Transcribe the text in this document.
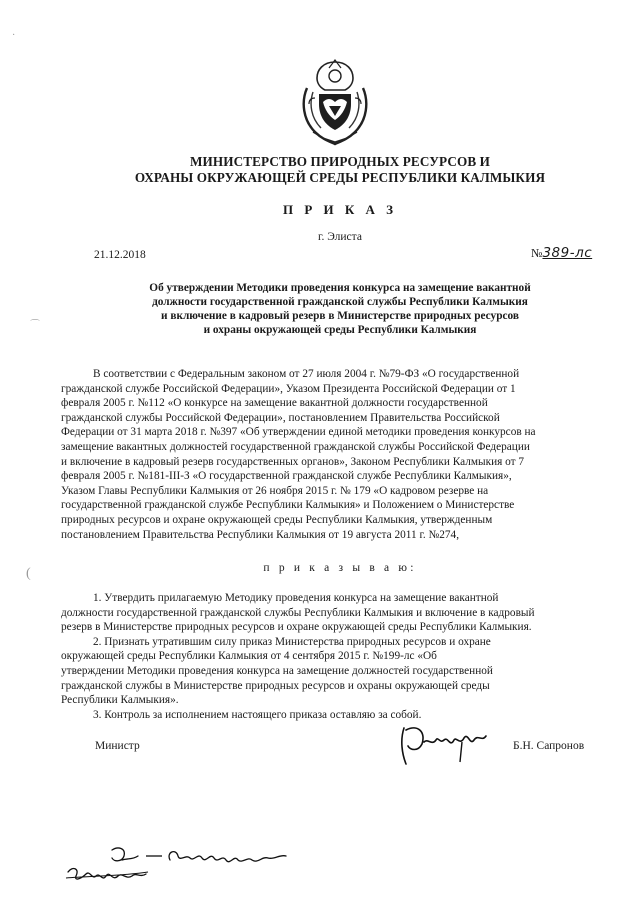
МИНИСТЕРСТВО ПРИРОДНЫХ РЕСУРСОВ И
ОХРАНЫ ОКРУЖАЮЩЕЙ СРЕДЫ РЕСПУБЛИКИ КАЛМЫКИЯ
П Р И К А З
г. Элиста
21.12.2018	№389-лс
Об утверждении Методики проведения конкурса на замещение вакантной
должности государственной гражданской службы Республики Калмыкия
и включение в кадровый резерв в Министерстве природных ресурсов
и охраны окружающей среды Республики Калмыкия
В соответствии с Федеральным законом от 27 июля 2004 г. №79-ФЗ «О государственной
гражданской службе Российской Федерации», Указом Президента Российской Федерации от 1
февраля 2005 г. №112 «О конкурсе на замещение вакантной должности государственной
гражданской службы Российской Федерации», постановлением Правительства Российской
Федерации от 31 марта 2018 г. №397 «Об утверждении единой методики проведения конкурсов на
замещение вакантных должностей государственной гражданской службы Российской Федерации
и включение в кадровый резерв государственных органов», Законом Республики Калмыкия от 7
февраля 2005 г. №181-III-З «О государственной гражданской службе Республики Калмыкия»,
Указом Главы Республики Калмыкия от 26 ноября 2015 г. № 179 «О кадровом резерве на
государственной гражданской службе Республики Калмыкия» и Положением о Министерстве
природных ресурсов и охране окружающей среды Республики Калмыкия, утвержденным
постановлением Правительства Республики Калмыкия от 19 августа 2011 г. №274,
п р и к а з ы в а ю:
1. Утвердить прилагаемую Методику проведения конкурса на замещение вакантной
должности государственной гражданской службы Республики Калмыкия и включение в кадровый
резерв в Министерстве природных ресурсов и охране окружающей среды Республики Калмыкия.
2. Признать утратившим силу приказ Министерства природных ресурсов и охране
окружающей среды Республики Калмыкия от 4 сентября 2015 г. №199-лс «Об
утверждении Методики проведения конкурса на замещение должностей государственной
гражданской службы в Министерстве природных ресурсов и охраны окружающей среды
Республики Калмыкия».
3. Контроль за исполнением настоящего приказа оставляю за собой.
Министр	Б.Н. Сапронов
·
⌒
(
